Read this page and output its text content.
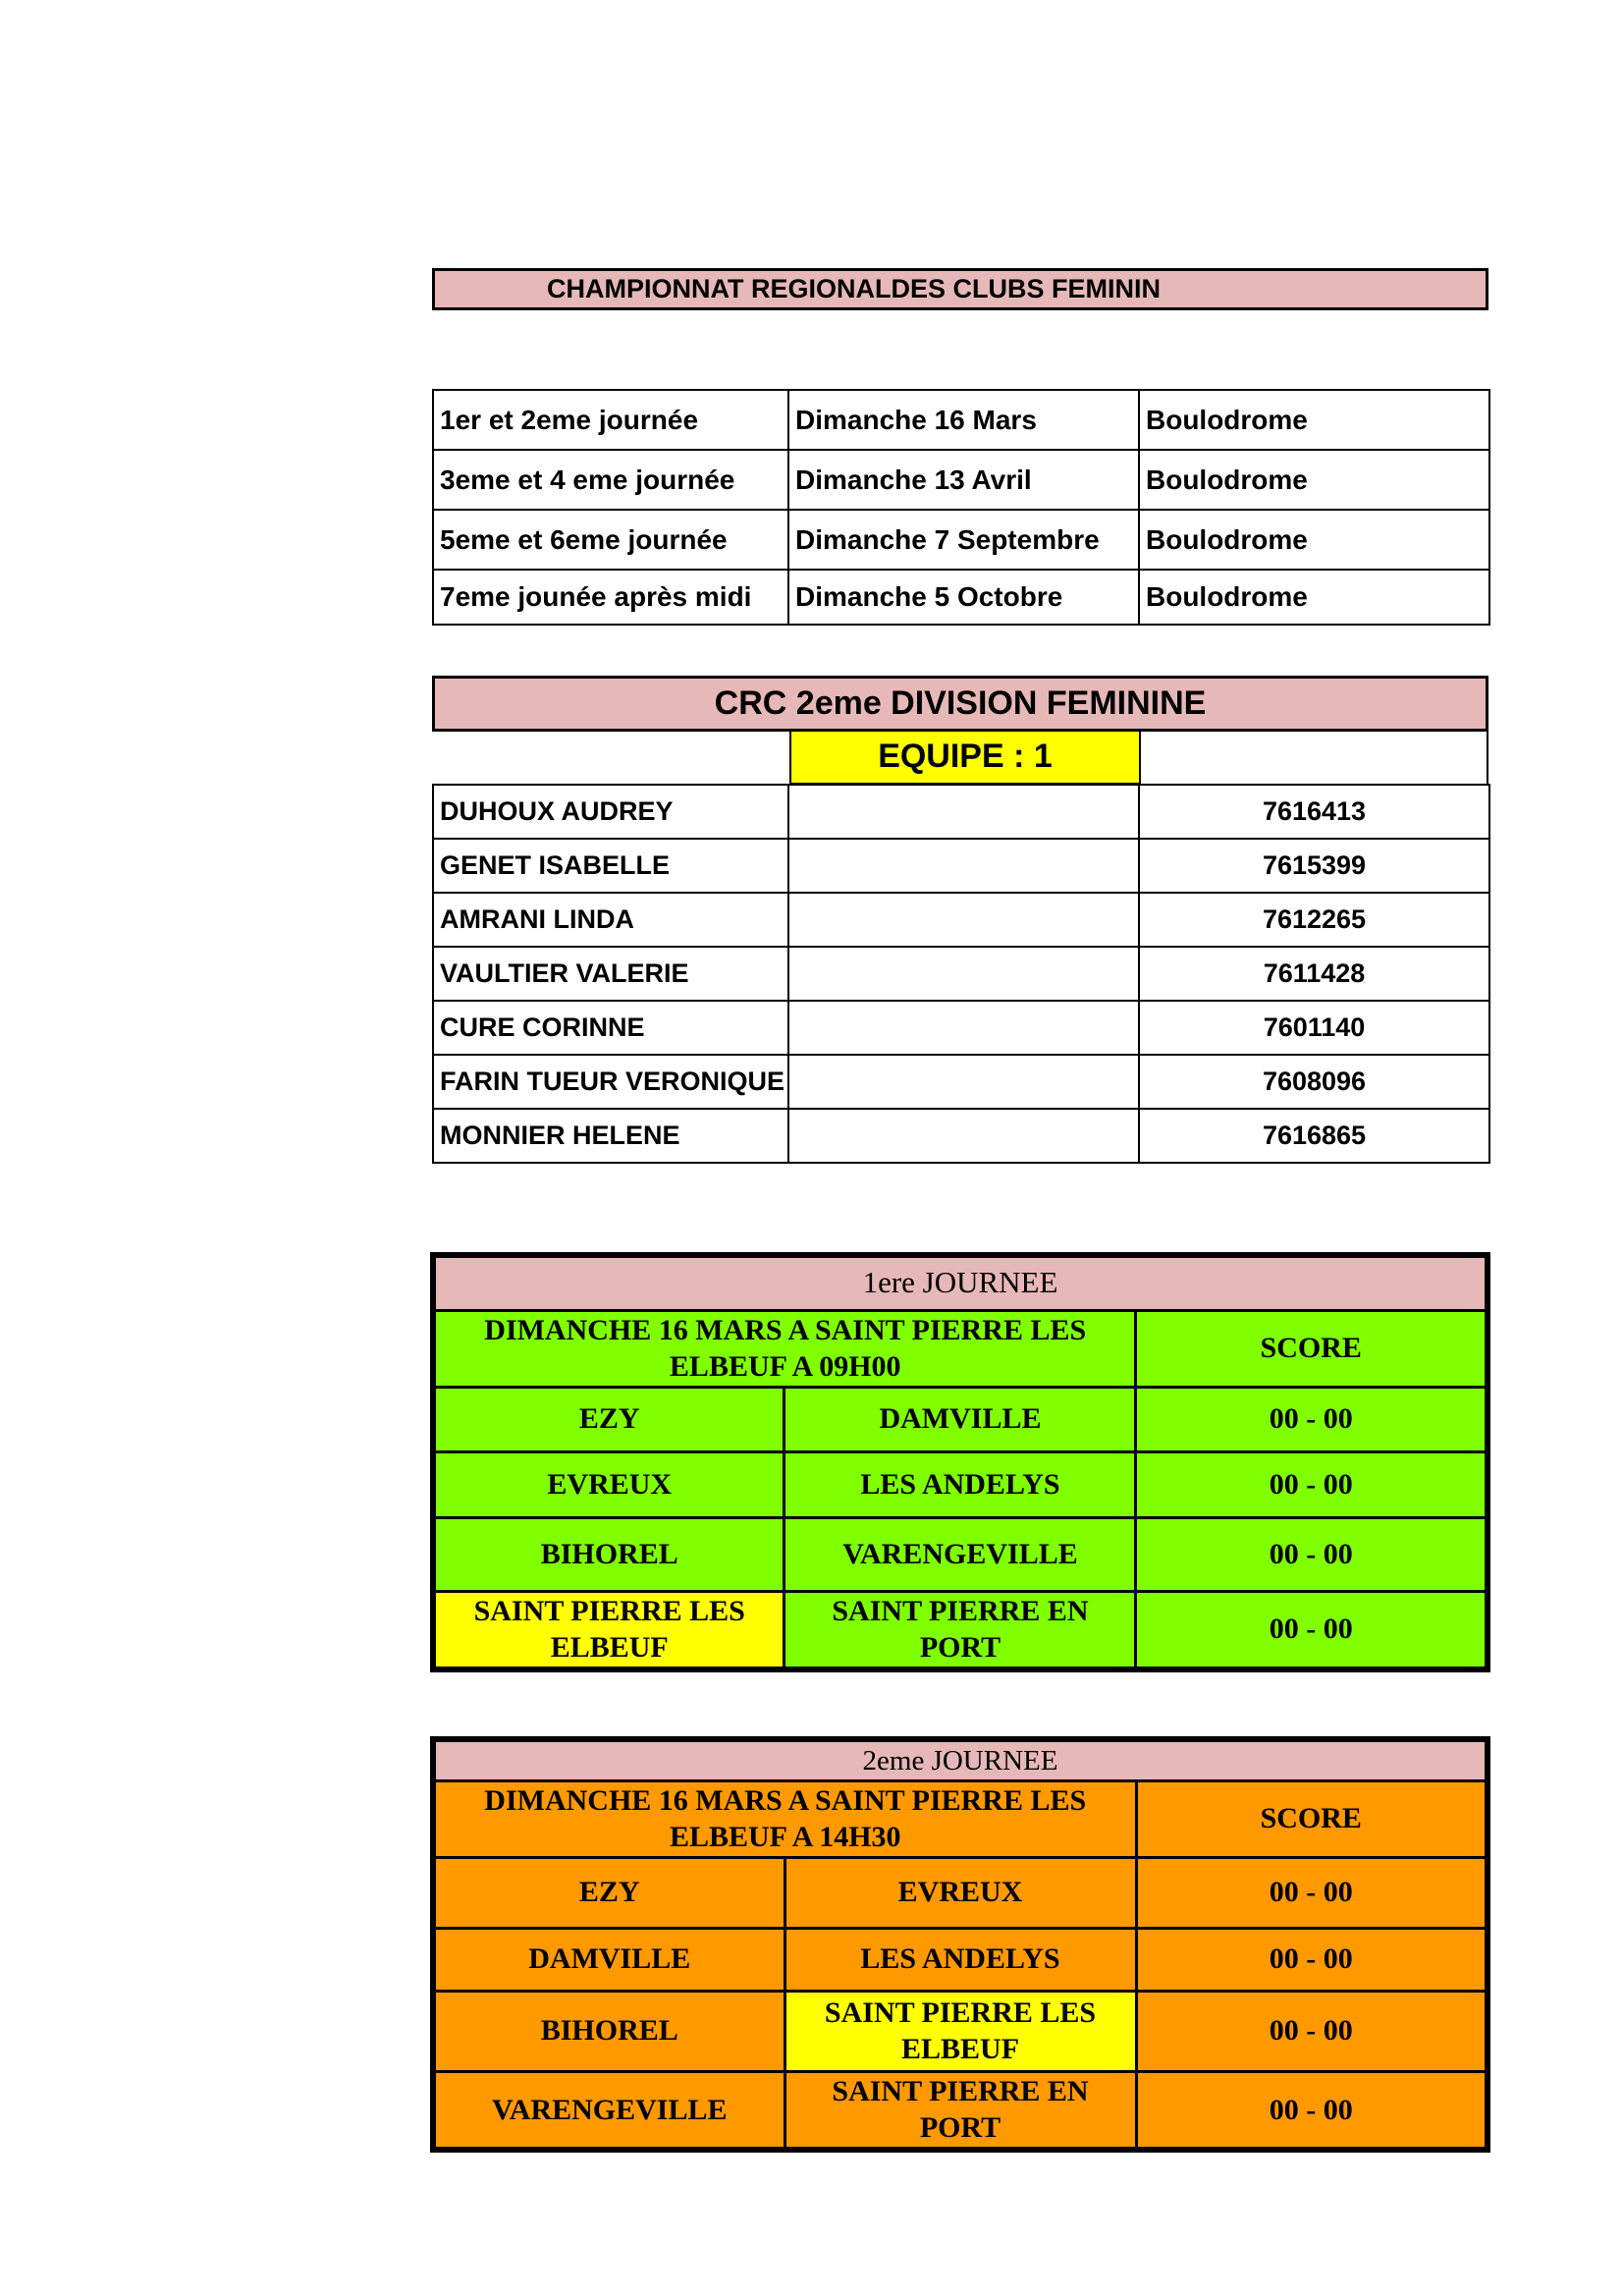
CHAMPIONNAT REGIONALDES CLUBS FEMININ
1er et 2eme journée	Dimanche 16 Mars	Boulodrome
3eme et 4 eme journée	Dimanche 13 Avril	Boulodrome
5eme et 6eme journée	Dimanche 7 Septembre	Boulodrome
7eme jounée après midi	Dimanche 5 Octobre	Boulodrome
CRC 2eme DIVISION FEMININE
EQUIPE : 1
DUHOUX AUDREY		7616413
GENET ISABELLE		7615399
AMRANI LINDA		7612265
VAULTIER VALERIE		7611428
CURE CORINNE		7601140
FARIN TUEUR VERONIQUE		7608096
MONNIER HELENE		7616865
1ere JOURNEE		
DIMANCHE 16 MARS A SAINT PIERRE LES ELBEUF A 09H00		SCORE
EZY	DAMVILLE	00 - 00
EVREUX	LES ANDELYS	00 - 00
BIHOREL	VARENGEVILLE	00 - 00
SAINT PIERRE LES ELBEUF	SAINT PIERRE EN PORT	00 - 00
2eme JOURNEE		
DIMANCHE 16 MARS A SAINT PIERRE LES ELBEUF A 14H30		SCORE
EZY	EVREUX	00 - 00
DAMVILLE	LES ANDELYS	00 - 00
BIHOREL	SAINT PIERRE LES ELBEUF	00 - 00
VARENGEVILLE	SAINT PIERRE EN PORT	00 - 00
